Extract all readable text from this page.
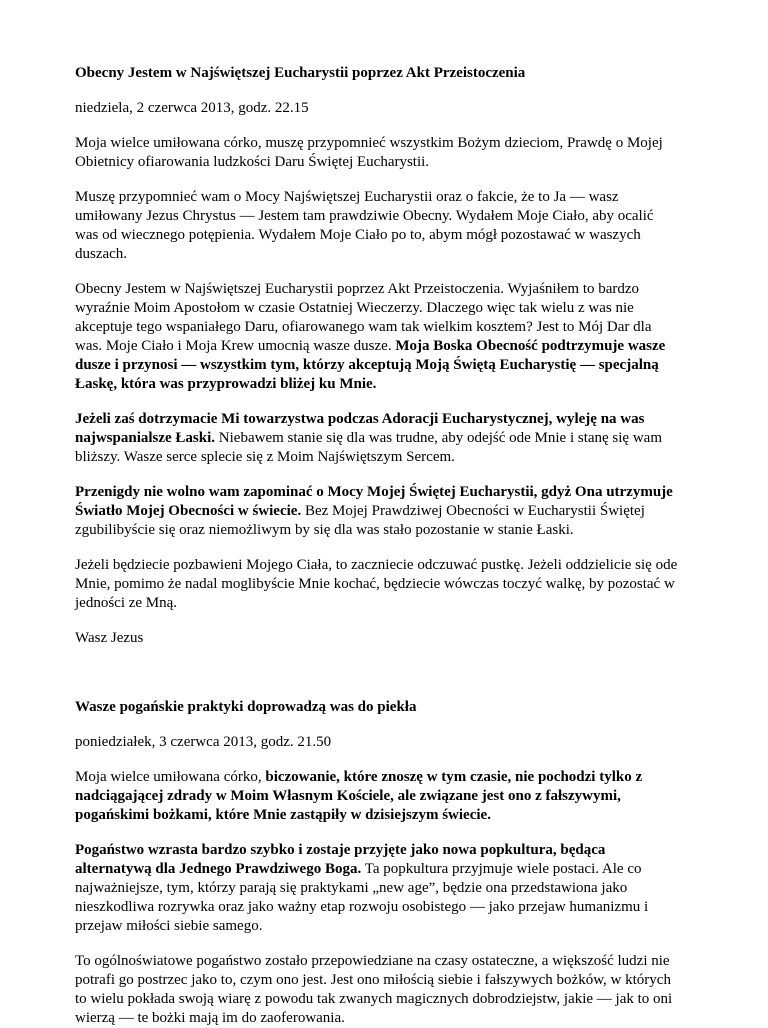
Obecny Jestem w Najświętszej Eucharystii poprzez Akt Przeistoczenia
niedziela, 2 czerwca 2013, godz. 22.15
Moja wielce umiłowana córko, muszę przypomnieć wszystkim Bożym dzieciom, Prawdę o Mojej
Obietnicy ofiarowania ludzkości Daru Świętej Eucharystii.
Muszę przypomnieć wam o Mocy Najświętszej Eucharystii oraz o fakcie, że to Ja — wasz
umiłowany Jezus Chrystus — Jestem tam prawdziwie Obecny. Wydałem Moje Ciało, aby ocalić
was od wiecznego potępienia. Wydałem Moje Ciało po to, abym mógł pozostawać w waszych
duszach.
Obecny Jestem w Najświętszej Eucharystii poprzez Akt Przeistoczenia. Wyjaśniłem to bardzo
wyraźnie Moim Apostołom w czasie Ostatniej Wieczerzy. Dlaczego więc tak wielu z was nie
akceptuje tego wspaniałego Daru, ofiarowanego wam tak wielkim kosztem? Jest to Mój Dar dla
was. Moje Ciało i Moja Krew umocnią wasze dusze. Moja Boska Obecność podtrzymuje wasze
dusze i przynosi — wszystkim tym, którzy akceptują Moją Świętą Eucharystię — specjalną
Łaskę, która was przyprowadzi bliżej ku Mnie.
Jeżeli zaś dotrzymacie Mi towarzystwa podczas Adoracji Eucharystycznej, wyleję na was
najwspanialsze Łaski. Niebawem stanie się dla was trudne, aby odejść ode Mnie i stanę się wam
bliższy. Wasze serce splecie się z Moim Najświętszym Sercem.
Przenigdy nie wolno wam zapominać o Mocy Mojej Świętej Eucharystii, gdyż Ona utrzymuje
Światło Mojej Obecności w świecie. Bez Mojej Prawdziwej Obecności w Eucharystii Świętej
zgubilibyście się oraz niemożliwym by się dla was stało pozostanie w stanie Łaski.
Jeżeli będziecie pozbawieni Mojego Ciała, to zaczniecie odczuwać pustkę. Jeżeli oddzielicie się ode
Mnie, pomimo że nadal moglibyście Mnie kochać, będziecie wówczas toczyć walkę, by pozostać w
jedności ze Mną.
Wasz Jezus
Wasze pogańskie praktyki doprowadzą was do piekła
poniedziałek, 3 czerwca 2013, godz. 21.50
Moja wielce umiłowana córko, biczowanie, które znoszę w tym czasie, nie pochodzi tylko z
nadciągającej zdrady w Moim Własnym Kościele, ale związane jest ono z fałszywymi,
pogańskimi bożkami, które Mnie zastąpiły w dzisiejszym świecie.
Pogaństwo wzrasta bardzo szybko i zostaje przyjęte jako nowa popkultura, będąca
alternatywą dla Jednego Prawdziwego Boga. Ta popkultura przyjmuje wiele postaci. Ale co
najważniejsze, tym, którzy parają się praktykami „new age”, będzie ona przedstawiona jako
nieszkodliwa rozrywka oraz jako ważny etap rozwoju osobistego — jako przejaw humanizmu i
przejaw miłości siebie samego.
To ogólnoświatowe pogaństwo zostało przepowiedziane na czasy ostateczne, a większość ludzi nie
potrafi go postrzec jako to, czym ono jest. Jest ono miłością siebie i fałszywych bożków, w których
to wielu pokłada swoją wiarę z powodu tak zwanych magicznych dobrodziejstw, jakie — jak to oni
wierzą — te bożki mają im do zaoferowania.
